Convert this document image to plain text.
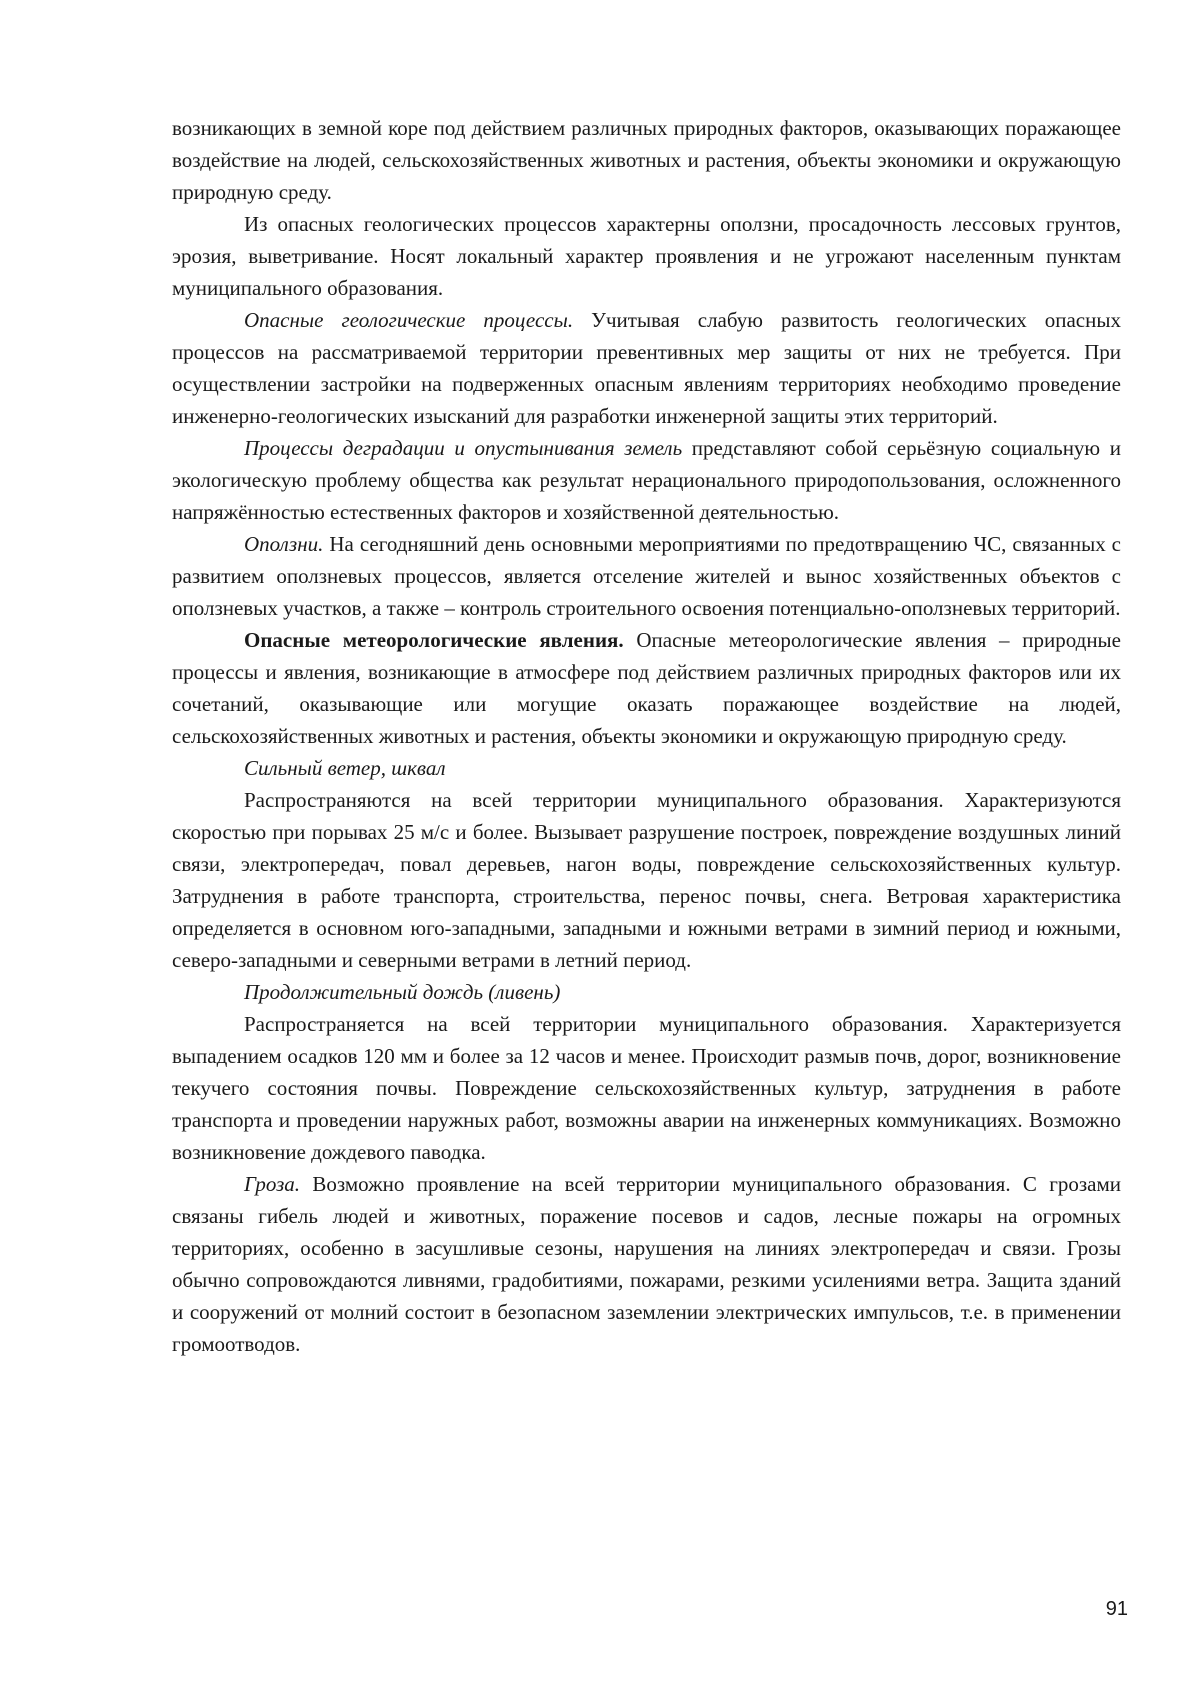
возникающих в земной коре под действием различных природных факторов, оказывающих поражающее воздействие на людей, сельскохозяйственных животных и растения, объекты экономики и окружающую природную среду.

Из опасных геологических процессов характерны оползни, просадочность лессовых грунтов, эрозия, выветривание. Носят локальный характер проявления и не угрожают населенным пунктам муниципального образования.

Опасные геологические процессы. Учитывая слабую развитость геологических опасных процессов на рассматриваемой территории превентивных мер защиты от них не требуется. При осуществлении застройки на подверженных опасным явлениям территориях необходимо проведение инженерно-геологических изысканий для разработки инженерной защиты этих территорий.

Процессы деградации и опустынивания земель представляют собой серьёзную социальную и экологическую проблему общества как результат нерационального природопользования, осложненного напряжённостью естественных факторов и хозяйственной деятельностью.

Оползни. На сегодняшний день основными мероприятиями по предотвращению ЧС, связанных с развитием оползневых процессов, является отселение жителей и вынос хозяйственных объектов с оползневых участков, а также – контроль строительного освоения потенциально-оползневых территорий.

Опасные метеорологические явления. Опасные метеорологические явления – природные процессы и явления, возникающие в атмосфере под действием различных природных факторов или их сочетаний, оказывающие или могущие оказать поражающее воздействие на людей, сельскохозяйственных животных и растения, объекты экономики и окружающую природную среду.

Сильный ветер, шквал

Распространяются на всей территории муниципального образования. Характеризуются скоростью при порывах 25 м/с и более. Вызывает разрушение построек, повреждение воздушных линий связи, электропередач, повал деревьев, нагон воды, повреждение сельскохозяйственных культур. Затруднения в работе транспорта, строительства, перенос почвы, снега. Ветровая характеристика определяется в основном юго-западными, западными и южными ветрами в зимний период и южными, северо-западными и северными ветрами в летний период.

Продолжительный дождь (ливень)

Распространяется на всей территории муниципального образования. Характеризуется выпадением осадков 120 мм и более за 12 часов и менее. Происходит размыв почв, дорог, возникновение текучего состояния почвы. Повреждение сельскохозяйственных культур, затруднения в работе транспорта и проведении наружных работ, возможны аварии на инженерных коммуникациях. Возможно возникновение дождевого паводка.

Гроза. Возможно проявление на всей территории муниципального образования. С грозами связаны гибель людей и животных, поражение посевов и садов, лесные пожары на огромных территориях, особенно в засушливые сезоны, нарушения на линиях электропередач и связи. Грозы обычно сопровождаются ливнями, градобитиями, пожарами, резкими усилениями ветра. Защита зданий и сооружений от молний состоит в безопасном заземлении электрических импульсов, т.е. в применении громоотводов.

91
